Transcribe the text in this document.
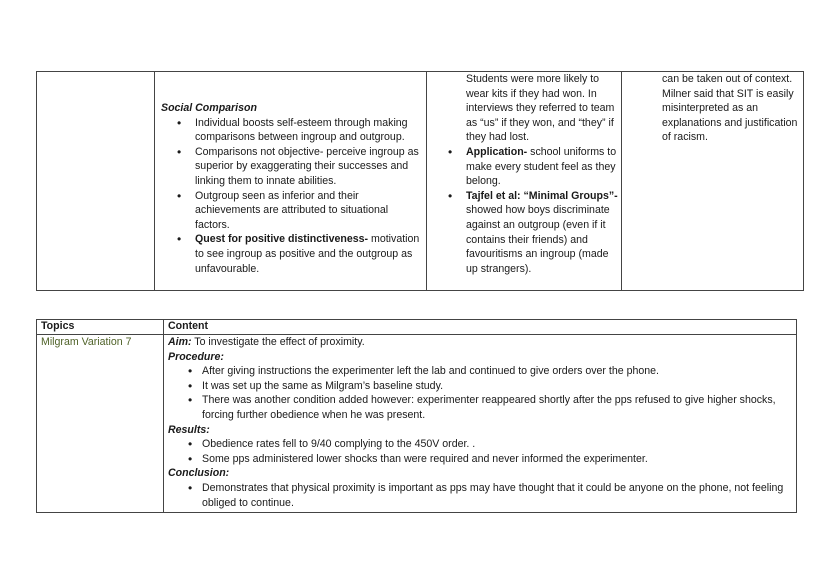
Social Comparison
• Individual boosts self-esteem through making comparisons between ingroup and outgroup.
• Comparisons not objective- perceive ingroup as superior by exaggerating their successes and linking them to innate abilities.
• Outgroup seen as inferior and their achievements are attributed to situational factors.
• Quest for positive distinctiveness- motivation to see ingroup as positive and the outgroup as unfavourable.
Students were more likely to wear kits if they had won. In interviews they referred to team as “us” if they won, and “they” if they had lost.
• Application- school uniforms to make every student feel as they belong.
• Tajfel et al: “Minimal Groups”- showed how boys discriminate against an outgroup (even if it contains their friends) and favouritisms an ingroup (made up strangers).
can be taken out of context. Milner said that SIT is easily misinterpreted as an explanations and justification of racism.
Topics	Content
Milgram Variation 7	Aim: To investigate the effect of proximity.
Procedure:
• After giving instructions the experimenter left the lab and continued to give orders over the phone.
• It was set up the same as Milgram’s baseline study.
• There was another condition added however: experimenter reappeared shortly after the pps refused to give higher shocks, forcing further obedience when he was present.
Results:
• Obedience rates fell to 9/40 complying to the 450V order. .
• Some pps administered lower shocks than were required and never informed the experimenter.
Conclusion:
• Demonstrates that physical proximity is important as pps may have thought that it could be anyone on the phone, not feeling obliged to continue.
